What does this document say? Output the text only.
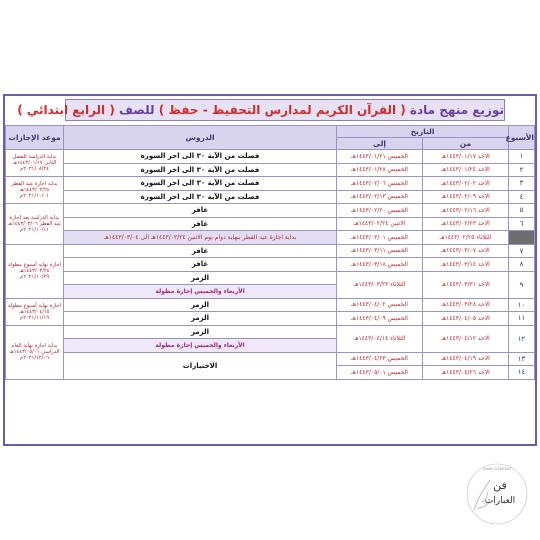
توزيع منهج مادة ( القرآن الكريم لمدارس التحفيظ - حفظ ) للصف ( الرابع ابتدائي )
الأسبوع	التاريخ		الدروس	موعد الإجازات
	من	إلى		
١	الاحد ١٤٤٣/٠١/١٧هـ	الخميس ١٤٤٣/٠١/٢١هـ	فصلت من الآية ٣٠ الى اخر السورة	بداية الدراسة للفصل الثاني ١٤٤٣/٠١/١٧هـ ٢٠٢١/٠٨/٢٤م
٢	الاحد ١٤٤٣/٠١/٢٤هـ	الخميس ١٤٤٣/٠١/٢٨هـ	فصلت من الآية ٣٠ الى اخر السورة	
٣	الاحد ١٤٤٣/٠٢/٠٢هـ	الخميس ١٤٤٣/٠٢/٠٦هـ	فصلت من الآية ٣٠ الى اخر السورة	بداية اجازة عيد الفطر ١٤٤٣/٠٢/٢٤هـ ٢٠٢١/١٠/٠١م
٤	الاحد ١٤٤٣/٠٢/٠٩هـ	الخميس ١٤٤٣/٠٢/١٣هـ	فصلت من الآية ٣٠ الى اخر السورة	
٥	الاحد ١٤٤٣/٠٢/١٦هـ	الخميس ١٤٤٣/٠٢/٢٠هـ	غافر	بداية الدراسة بعد اجازة عيد الفطر ١٤٤٣/٠٣/٠٦هـ ٢٠٢١/١٠/١١م
٦	الاحد ١٤٤٣/٠٢/٢٣هـ	الاثنين ١٤٤٣/٠٢/٢٤هـ	غافر	
	الثلاثاء ١٤٤٣/٠٢/٢٥هـ	الخميس ١٤٤٣/٠٣/٠١هـ	بداية اجازة عيد الفطر بنهاية دوام يوم الاثنين ١٤٤٣/٠٢/٢٤هـ الى ١٤٤٣/٠٣/٠٤هـ	
٧	الاحد ١٤٤٣/٠٣/٠٧هـ	الخميس ١٤٤٣/٠٣/١١هـ	غافر	اجازة نهاية أسبوع مطولة ١٤٤٣/٠٣/٢٤هـ ٢٠٢١/١٠/٢٩م
٨	الاحد ١٤٤٣/٠٣/١٤هـ	الخميس ١٤٤٣/٠٣/١٨هـ	غافر	
٩	الاحد ١٤٤٣/٠٣/٢١هـ	الثلاثاء ١٤٤٣/٠٣/٢٣هـ	الزمر	
			الأربعاء والخميس إجازة مطولة	
١٠	الاحد ١٤٤٣/٠٣/٢٨هـ	الخميس ١٤٤٣/٠٤/٠٢هـ	الزمر	اجازة نهاية أسبوع مطولة ١٤٤٣/٠٤/١٥هـ ٢٠٢١/١١/١٩م
١١	الاحد ١٤٤٣/٠٤/٠٥هـ	الخميس ١٤٤٣/٠٤/٠٩هـ	الزمر	
١٢	الاحد ١٤٤٣/٠٤/١٢هـ	الثلاثاء ١٤٤٣/٠٤/١٤هـ	الزمر	بداية اجازة نهاية العام الدراسي ١٤٤٣/٠٥/٠١هـ ٢٠٢١/١٢/٠٦م
			الأربعاء والخميس إجازة مطولة	
١٣	الاحد ١٤٤٣/٠٤/١٩هـ	الخميس ١٤٤٣/٠٤/٢٣هـ	الاختبارات	
١٤	الاحد ١٤٤٣/٠٤/٢٦هـ	الخميس ١٤٤٣/٠٥/٠١هـ		
فن
العبارات
FANN ALEBARAT
